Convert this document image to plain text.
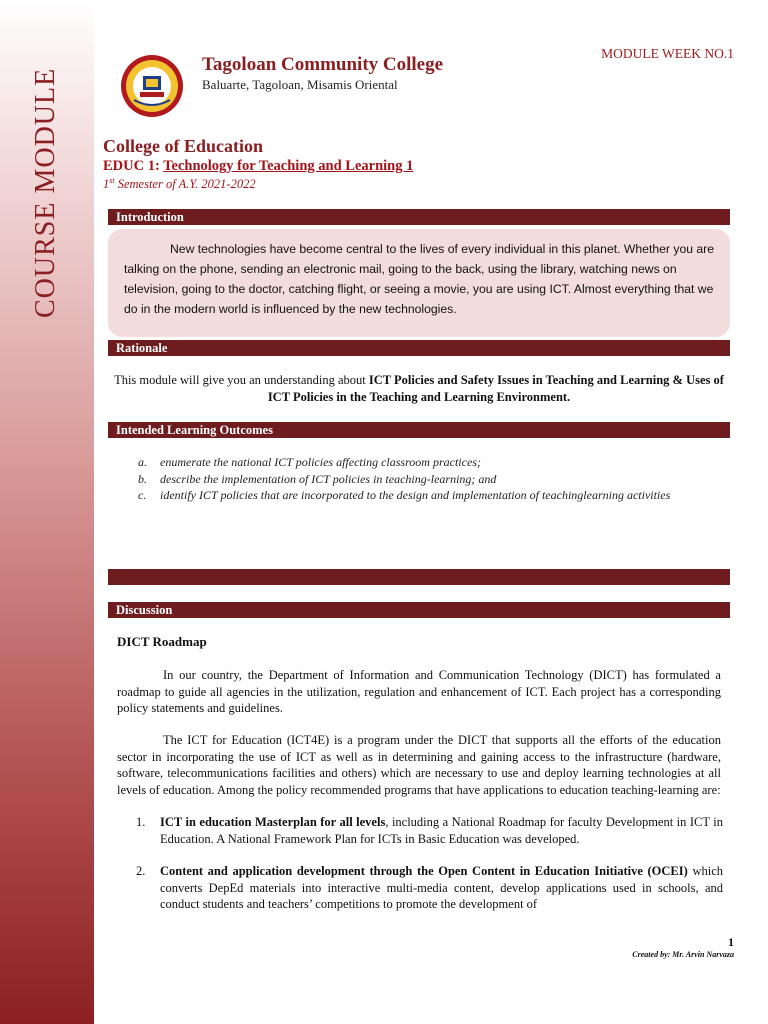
COURSE MODULE
MODULE WEEK NO.1
Tagoloan Community College
Baluarte, Tagoloan, Misamis Oriental
College of Education
EDUC 1: Technology for Teaching and Learning 1
1st Semester of A.Y. 2021-2022
Introduction
New technologies have become central to the lives of every individual in this planet. Whether you are talking on the phone, sending an electronic mail, going to the back, using the library, watching news on television, going to the doctor, catching flight, or seeing a movie, you are using ICT. Almost everything that we do in the modern world is influenced by the new technologies.
Rationale
This module will give you an understanding about ICT Policies and Safety Issues in Teaching and Learning & Uses of ICT Policies in the Teaching and Learning Environment.
Intended Learning Outcomes
a. enumerate the national ICT policies affecting classroom practices;
b. describe the implementation of ICT policies in teaching-learning; and
c. identify ICT policies that are incorporated to the design and implementation of teachinglearning activities
Discussion
DICT Roadmap
In our country, the Department of Information and Communication Technology (DICT) has formulated a roadmap to guide all agencies in the utilization, regulation and enhancement of ICT. Each project has a corresponding policy statements and guidelines.
The ICT for Education (ICT4E) is a program under the DICT that supports all the efforts of the education sector in incorporating the use of ICT as well as in determining and gaining access to the infrastructure (hardware, software, telecommunications facilities and others) which are necessary to use and deploy learning technologies at all levels of education. Among the policy recommended programs that have applications to education teaching-learning are:
1. ICT in education Masterplan for all levels, including a National Roadmap for faculty Development in ICT in Education. A National Framework Plan for ICTs in Basic Education was developed.
2. Content and application development through the Open Content in Education Initiative (OCEI) which converts DepEd materials into interactive multi-media content, develop applications used in schools, and conduct students and teachers’ competitions to promote the development of
1
Created by: Mr. Arvin Narvaza
